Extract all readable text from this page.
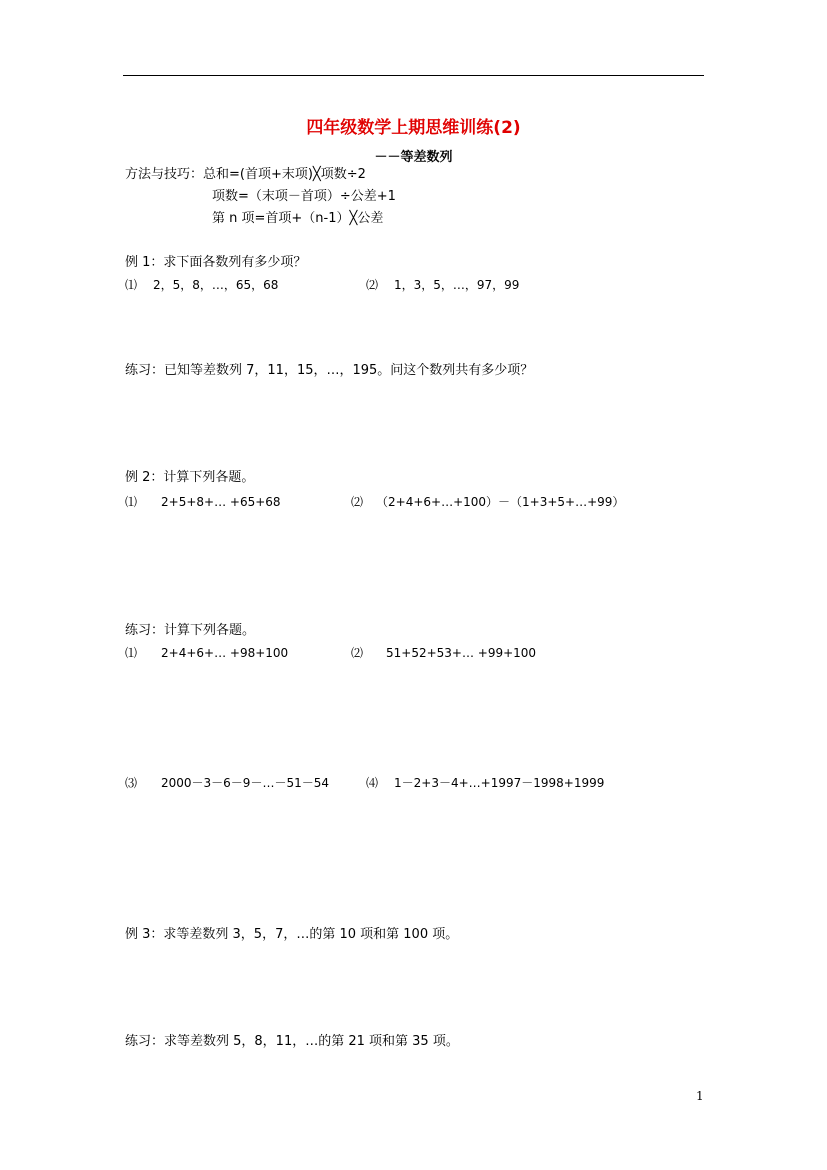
四年级数学上期思维训练(2)
－－等差数列
方法与技巧：总和=(首项+末项)╳项数÷2
项数=（末项－首项）÷公差+1
第 n 项=首项+（n-1）╳公差
例 1：求下面各数列有多少项？
⑴ 2，5，8，…，65，68	⑵ 1，3，5，…，97，99
练习：已知等差数列 7，11，15，…，195。问这个数列共有多少项？
例 2：计算下列各题。
⑴ 2+5+8+… +65+68	⑵ （2+4+6+…+100）－（1+3+5+…+99）
练习：计算下列各题。
⑴ 2+4+6+… +98+100	⑵ 51+52+53+… +99+100
⑶ 2000－3－6－9－…－51－54	⑷ 1－2+3－4+…+1997－1998+1999
例 3：求等差数列 3，5，7，…的第 10 项和第 100 项。
练习：求等差数列 5，8，11，…的第 21 项和第 35 项。
1
